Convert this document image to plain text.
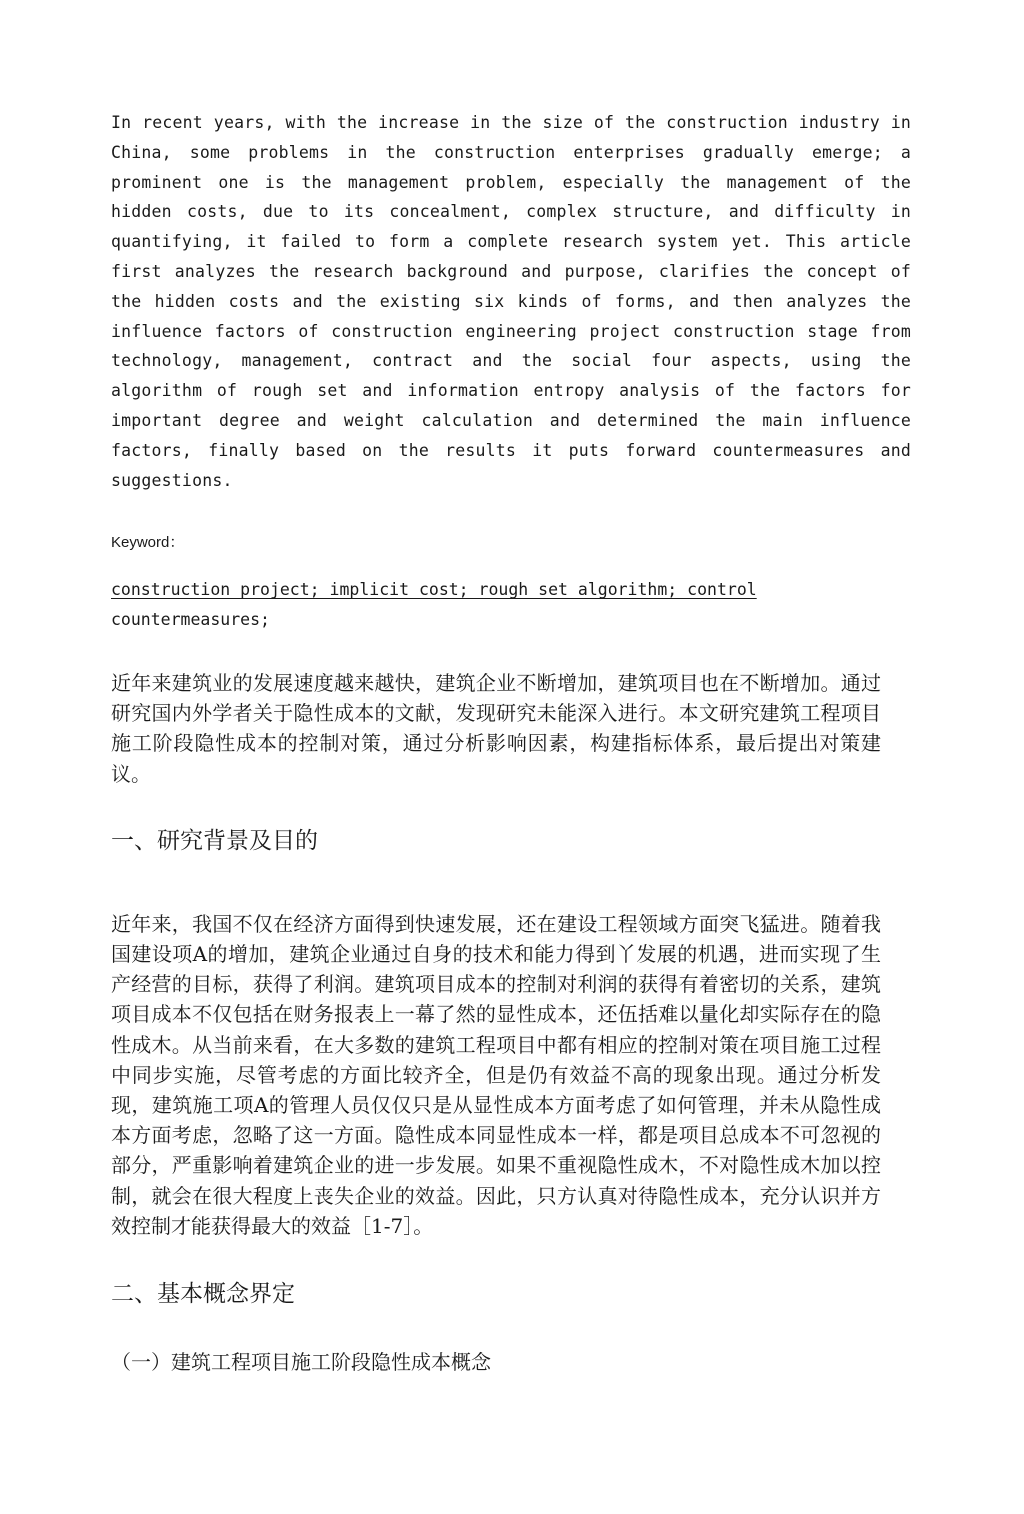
In recent years, with the increase in the size of the construction industry in China, some problems in the construction enterprises gradually emerge; a prominent one is the management problem, especially the management of the hidden costs, due to its concealment, complex structure, and difficulty in quantifying, it failed to form a complete research system yet. This article first analyzes the research background and purpose, clarifies the concept of the hidden costs and the existing six kinds of forms, and then analyzes the influence factors of construction engineering project construction stage from technology, management, contract and the social four aspects, using the algorithm of rough set and information entropy analysis of the factors for important degree and weight calculation and determined the main influence factors, finally based on the results it puts forward countermeasures and suggestions.

Keyword：

construction project; implicit cost; rough set algorithm; control countermeasures;

近年来建筑业的发展速度越来越快，建筑企业不断增加，建筑项目也在不断增加。通过研究国内外学者关于隐性成本的文献，发现研究未能深入进行。本文研究建筑工程项目施工阶段隐性成本的控制对策，通过分析影响因素，构建指标体系，最后提出对策建议。

一、研究背景及目的

近年来，我国不仅在经济方面得到快速发展，还在建设工程领域方面突飞猛进。随着我国建设项A的增加，建筑企业通过自身的技术和能力得到丫发展的机遇，进而实现了生产经营的目标，获得了利润。建筑项目成本的控制对利润的获得有着密切的关系，建筑项目成本不仅包括在财务报表上一幕了然的显性成本，还伍括难以量化却实际存在的隐性成木。从当前来看，在大多数的建筑工程项目中都有相应的控制对策在项目施工过程中同步实施，尽管考虑的方面比较齐全，但是仍有效益不高的现象出现。通过分析发现，建筑施工项A的管理人员仅仅只是从显性成本方面考虑了如何管理，并未从隐性成本方面考虑，忽略了这一方面。隐性成本同显性成本一样，都是项目总成本不可忽视的部分，严重影响着建筑企业的进一步发展。如果不重视隐性成木，不对隐性成木加以控制，就会在很大程度上丧失企业的效益。因此，只方认真对待隐性成本，充分认识并方效控制才能获得最大的效益［1-7］。

二、基本概念界定
（一）建筑工程项目施工阶段隐性成本概念
